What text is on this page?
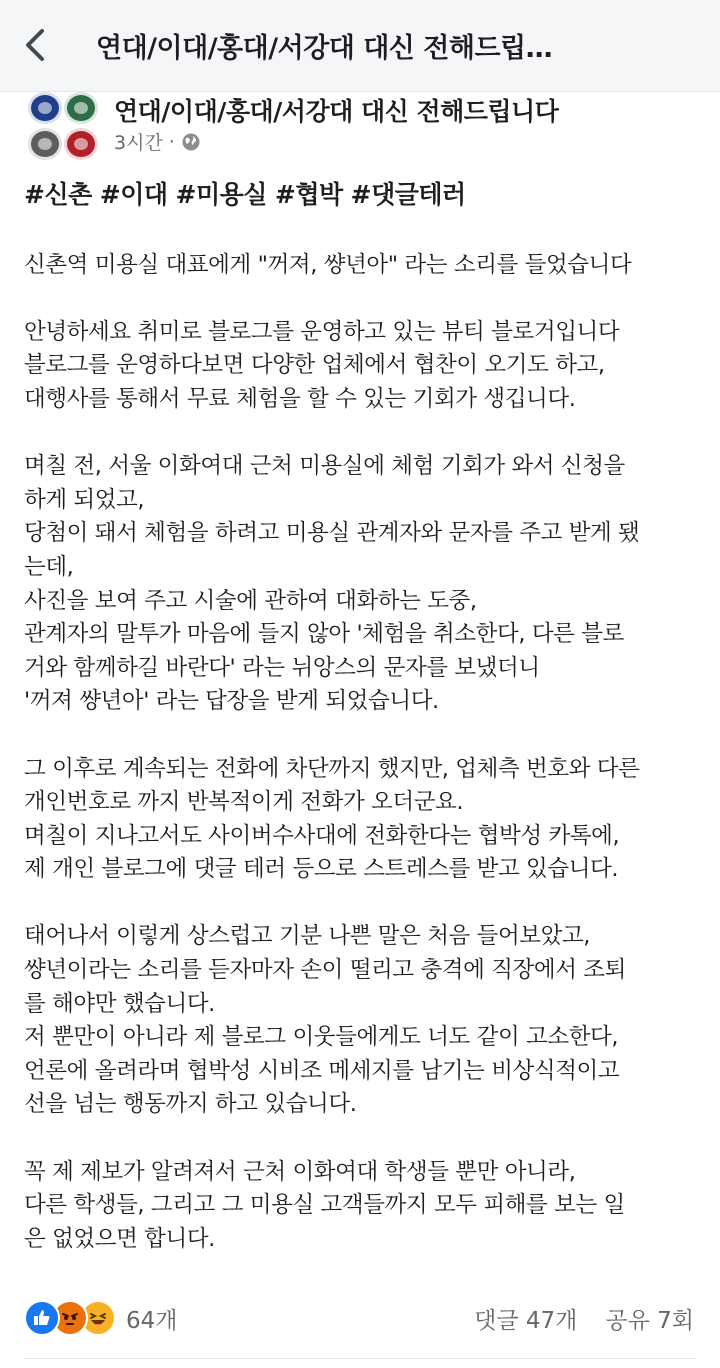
연대/이대/홍대/서강대 대신 전해드립…
연대/이대/홍대/서강대 대신 전해드립니다
3시간 ·
#신촌 #이대 #미용실 #협박 #댓글테러
신촌역 미용실 대표에게 "꺼져, 썅년아" 라는 소리를 들었습니다
안녕하세요 취미로 블로그를 운영하고 있는 뷰티 블로거입니다
블로그를 운영하다보면 다양한 업체에서 협찬이 오기도 하고,
대행사를 통해서 무료 체험을 할 수 있는 기회가 생깁니다.
며칠 전, 서울 이화여대 근처 미용실에 체험 기회가 와서 신청을
하게 되었고,
당첨이 돼서 체험을 하려고 미용실 관계자와 문자를 주고 받게 됐
는데,
사진을 보여 주고 시술에 관하여 대화하는 도중,
관계자의 말투가 마음에 들지 않아 '체험을 취소한다, 다른 블로
거와 함께하길 바란다' 라는 뉘앙스의 문자를 보냈더니
'꺼져 썅년아' 라는 답장을 받게 되었습니다.
그 이후로 계속되는 전화에 차단까지 했지만, 업체측 번호와 다른
개인번호로 까지 반복적이게 전화가 오더군요.
며칠이 지나고서도 사이버수사대에 전화한다는 협박성 카톡에,
제 개인 블로그에 댓글 테러 등으로 스트레스를 받고 있습니다.
태어나서 이렇게 상스럽고 기분 나쁜 말은 처음 들어보았고,
썅년이라는 소리를 듣자마자 손이 떨리고 충격에 직장에서 조퇴
를 해야만 했습니다.
저 뿐만이 아니라 제 블로그 이웃들에게도 너도 같이 고소한다,
언론에 올려라며 협박성 시비조 메세지를 남기는 비상식적이고
선을 넘는 행동까지 하고 있습니다.
꼭 제 제보가 알려져서 근처 이화여대 학생들 뿐만 아니라,
다른 학생들, 그리고 그 미용실 고객들까지 모두 피해를 보는 일
은 없었으면 합니다.
64개	댓글 47개 공유 7회
